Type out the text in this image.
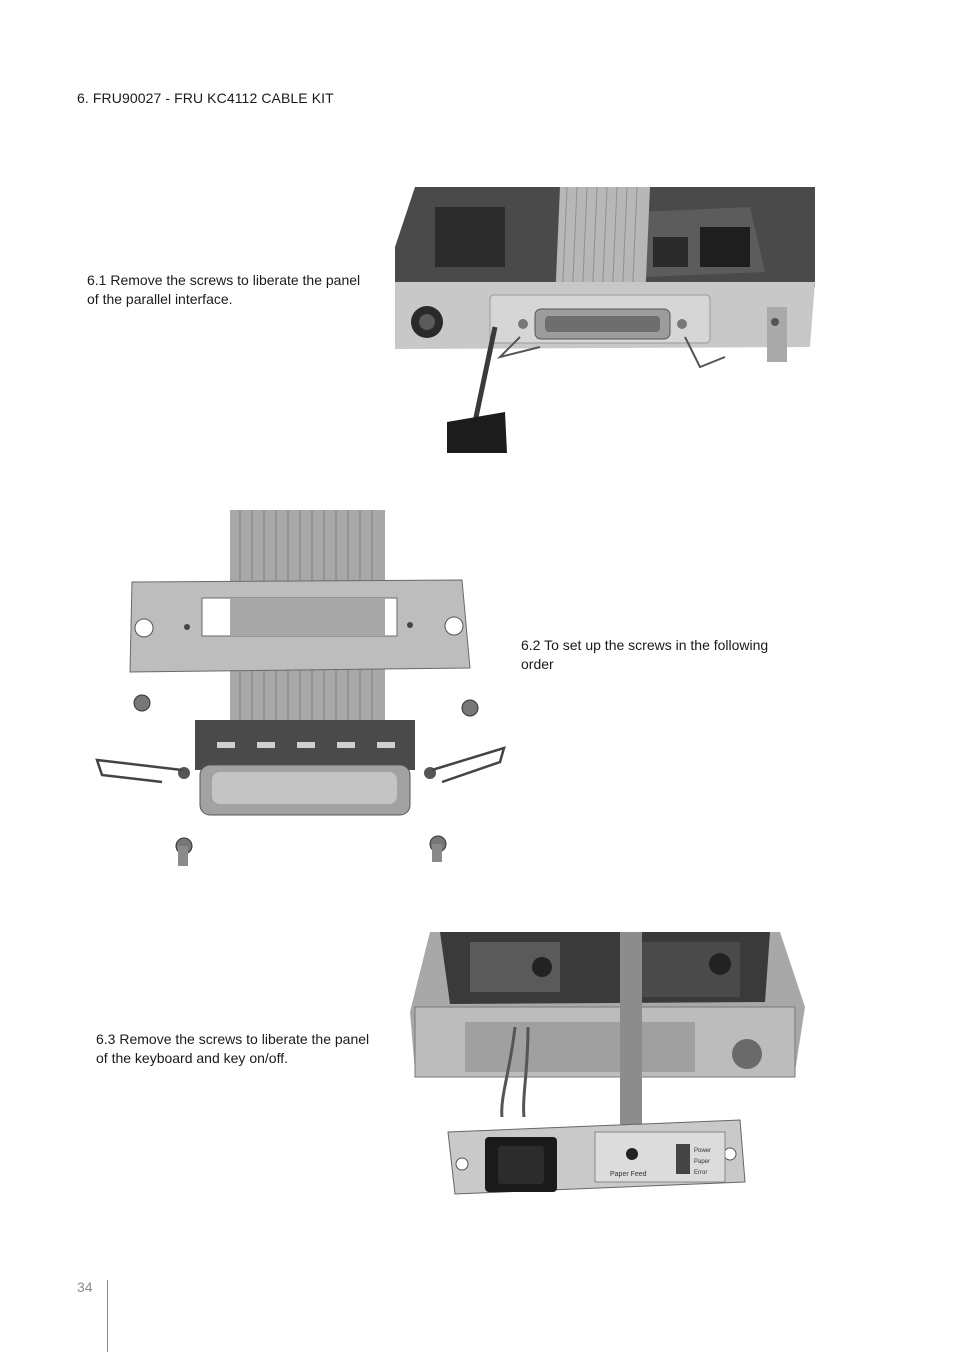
6. FRU90027 - FRU KC4112 CABLE KIT
6.1 Remove the screws to liberate the panel
of the parallel interface.
6.2 To set up the screws in the following
order
6.3 Remove the screws to liberate the panel
of the keyboard and key on/off.
Paper Feed
Power
Paper
Error
34
